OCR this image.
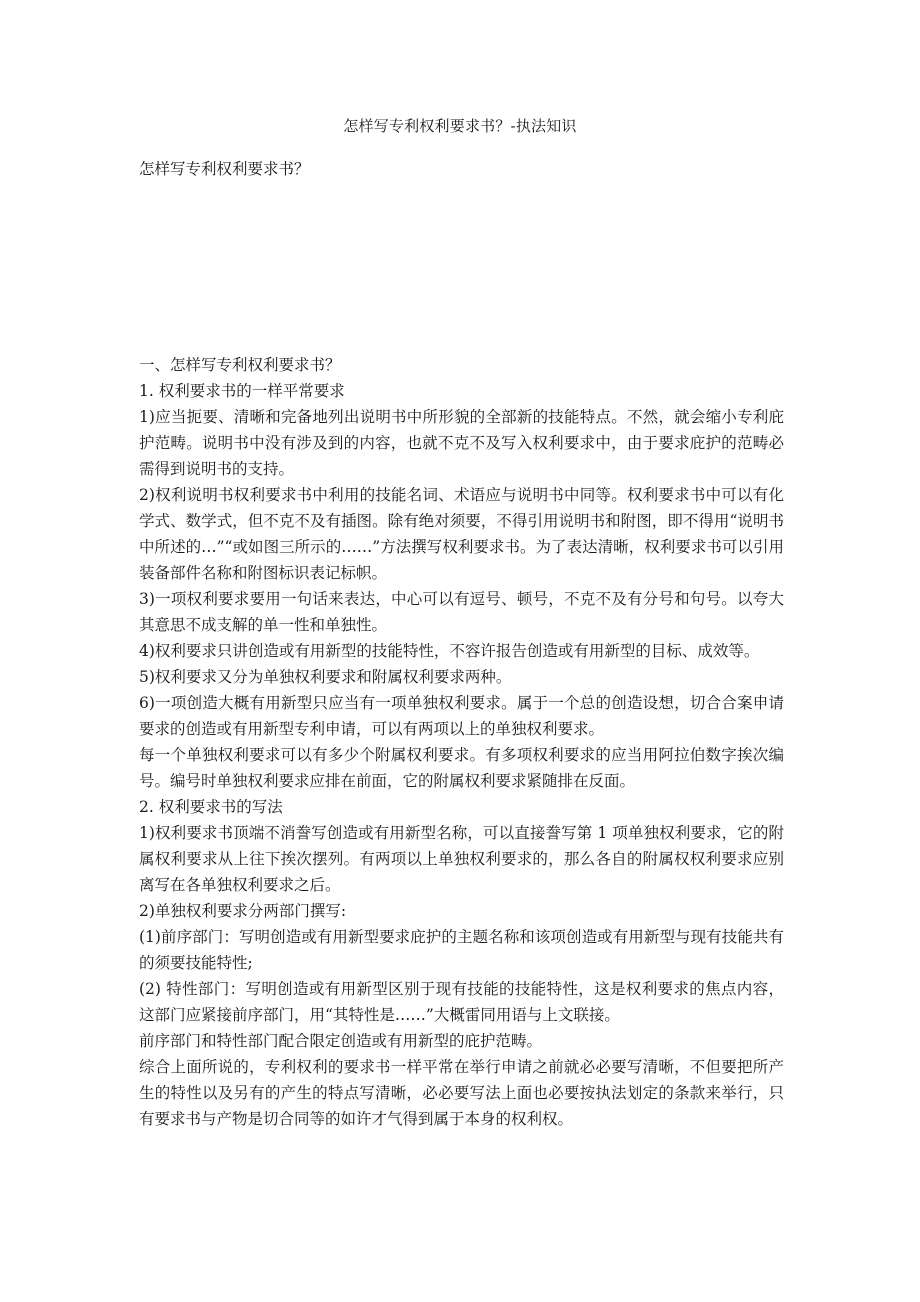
怎样写专利权利要求书？-执法知识
怎样写专利权利要求书？

一、怎样写专利权利要求书？

1. 权利要求书的一样平常要求

1)应当扼要、清晰和完备地列出说明书中所形貌的全部新的技能特点。不然，就会缩小专利庇护范畴。说明书中没有涉及到的内容，也就不克不及写入权利要求中，由于要求庇护的范畴必需得到说明书的支持。

2)权利说明书权利要求书中利用的技能名词、术语应与说明书中同等。权利要求书中可以有化学式、数学式，但不克不及有插图。除有绝对须要，不得引用说明书和附图，即不得用“说明书中所述的…”“或如图三所示的……”方法撰写权利要求书。为了表达清晰，权利要求书可以引用装备部件名称和附图标识表记标帜。

3)一项权利要求要用一句话来表达，中心可以有逗号、顿号，不克不及有分号和句号。以夸大其意思不成支解的单一性和单独性。

4)权利要求只讲创造或有用新型的技能特性，不容许报告创造或有用新型的目标、成效等。

5)权利要求又分为单独权利要求和附属权利要求两种。

6)一项创造大概有用新型只应当有一项单独权利要求。属于一个总的创造设想，切合合案申请要求的创造或有用新型专利申请，可以有两项以上的单独权利要求。

每一个单独权利要求可以有多少个附属权利要求。有多项权利要求的应当用阿拉伯数字挨次编号。编号时单独权利要求应排在前面，它的附属权利要求紧随排在反面。

2. 权利要求书的写法

1)权利要求书顶端不消誊写创造或有用新型名称，可以直接誊写第 1 项单独权利要求，它的附属权利要求从上往下挨次摆列。有两项以上单独权利要求的，那么各自的附属权权利要求应别离写在各单独权利要求之后。

2)单独权利要求分两部门撰写:

(1)前序部门：写明创造或有用新型要求庇护的主题名称和该项创造或有用新型与现有技能共有的须要技能特性;

(2) 特性部门：写明创造或有用新型区别于现有技能的技能特性，这是权利要求的焦点内容，这部门应紧接前序部门，用“其特性是……”大概雷同用语与上文联接。

前序部门和特性部门配合限定创造或有用新型的庇护范畴。

综合上面所说的，专利权利的要求书一样平常在举行申请之前就必必要写清晰，不但要把所产生的特性以及另有的产生的特点写清晰，必必要写法上面也必要按执法划定的条款来举行，只有要求书与产物是切合同等的如许才气得到属于本身的权利权。
